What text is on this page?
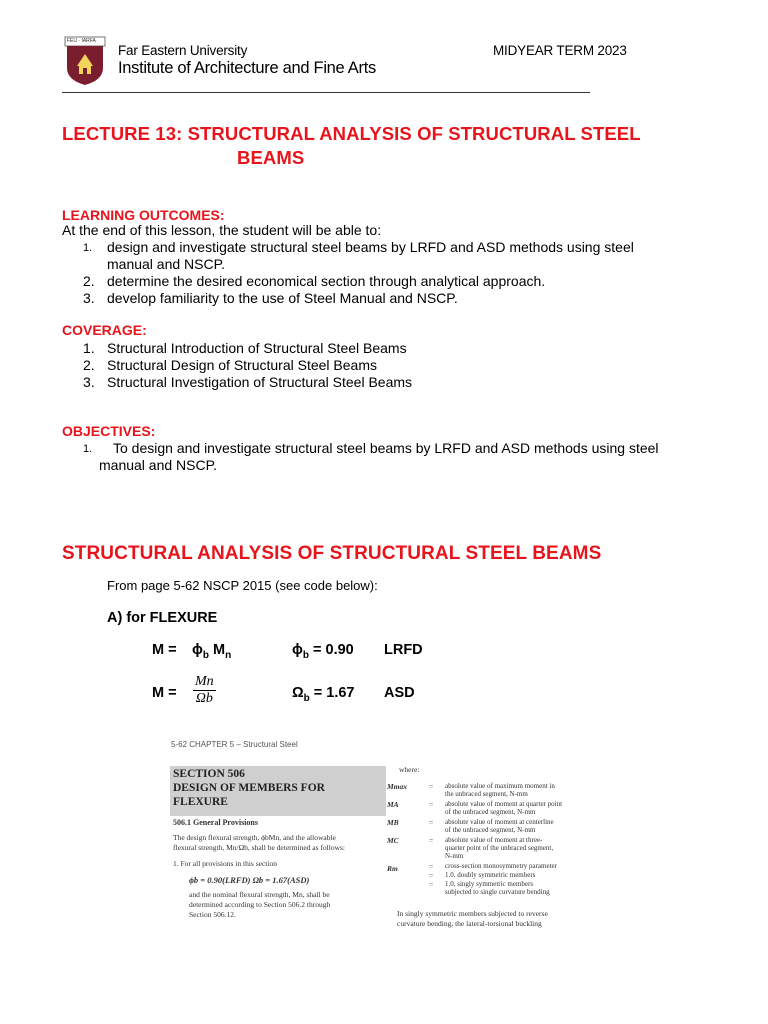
FEU · IARFA
Far Eastern University
Institute of Architecture and Fine Arts
MIDYEAR TERM 2023
LECTURE 13: STRUCTURAL ANALYSIS OF STRUCTURAL STEEL
BEAMS
LEARNING OUTCOMES:
At the end of this lesson, the student will be able to:
1. design and investigate structural steel beams by LRFD and ASD methods using steel
manual and NSCP.
2. determine the desired economical section through analytical approach.
3. develop familiarity to the use of Steel Manual and NSCP.
COVERAGE:
1. Structural Introduction of Structural Steel Beams
2. Structural Design of Structural Steel Beams
3. Structural Investigation of Structural Steel Beams
OBJECTIVES:
1. To design and investigate structural steel beams by LRFD and ASD methods using steel
manual and NSCP.
STRUCTURAL ANALYSIS OF STRUCTURAL STEEL BEAMS
From page 5-62 NSCP 2015 (see code below):
A) for FLEXURE
$M = \phi_b$ $M_n$	$\phi_b = 0.90$ LRFD
$M = \frac{Mn}{\Omega b}$	$\Omega_b = 1.67$ ASD
5-62 CHAPTER 5 – Structural Steel
SECTION 506
DESIGN OF MEMBERS FOR
FLEXURE
506.1 General Provisions
The design flexural strength, ϕbMn, and the allowable
flexural strength, Mn/Ωb, shall be determined as follows:
1. For all provisions in this section
ϕb = 0.90(LRFD) Ωb = 1.67(ASD)
and the nominal flexural strength, Mn, shall be
determined according to Section 506.2 through
Section 506.12.
where:
Mmax	= absolute value of maximum moment in
the unbraced segment, N-mm
MA	= absolute value of moment at quarter point
of the unbraced segment, N-mm
MB	= absolute value of moment at centerline
of the unbraced segment, N-mm
MC	= absolute value of moment at three-
quarter point of the unbraced segment,
N-mm
Rm	= cross-section monosymmetry parameter
= 1.0, doubly symmetric members
= 1.0, singly symmetric members
subjected to single curvature bending
In singly symmetric members subjected to reverse
curvature bending, the lateral-torsional buckling
